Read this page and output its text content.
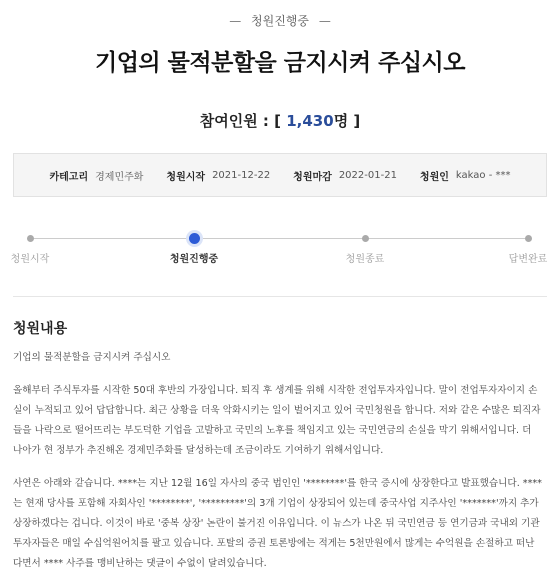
— 청원진행중 —
기업의 물적분할을 금지시켜 주십시오
참여인원 : [ 1,430명 ]
카테고리 경제민주화 청원시작 2021-12-22 청원마감 2022-01-21 청원인 kakao - ***
청원시작	청원진행중	청원종료	답변완료
청원내용

기업의 물적분할을 금지시켜 주십시오

올해부터 주식투자를 시작한 50대 후반의 가장입니다. 퇴직 후 생계를 위해 시작한 전업투자자입니다. 말이 전업투자자이지 손실이 누적되고 있어 답답합니다. 최근 상황을 더욱 악화시키는 일이 벌어지고 있어 국민청원을 합니다. 저와 같은 수많은 퇴직자들을 나락으로 떨어뜨리는 부도덕한 기업을 고발하고 국민의 노후를 책임지고 있는 국민연금의 손실을 막기 위해서입니다. 더 나아가 현 정부가 추진해온 경제민주화를 달성하는데 조금이라도 기여하기 위해서입니다.

사연은 아래와 같습니다. ****는 지난 12월 16일 자사의 중국 법인인 '********'를 한국 증시에 상장한다고 발표했습니다. ****는 현재 당사를 포함해 자회사인 '********', '*********'의 3개 기업이 상장되어 있는데 중국사업 지주사인 '*******'까지 추가 상장하겠다는 겁니다. 이것이 바로 '중복 상장' 논란이 불거진 이유입니다. 이 뉴스가 나온 뒤 국민연금 등 연기금과 국내외 기관투자자들은 매일 수십억원어치를 팔고 있습니다. 포탈의 증권 토론방에는 적게는 5천만원에서 많게는 수억원을 손절하고 떠난다면서 **** 사주를 맹비난하는 댓글이 수없이 달려있습니다.
